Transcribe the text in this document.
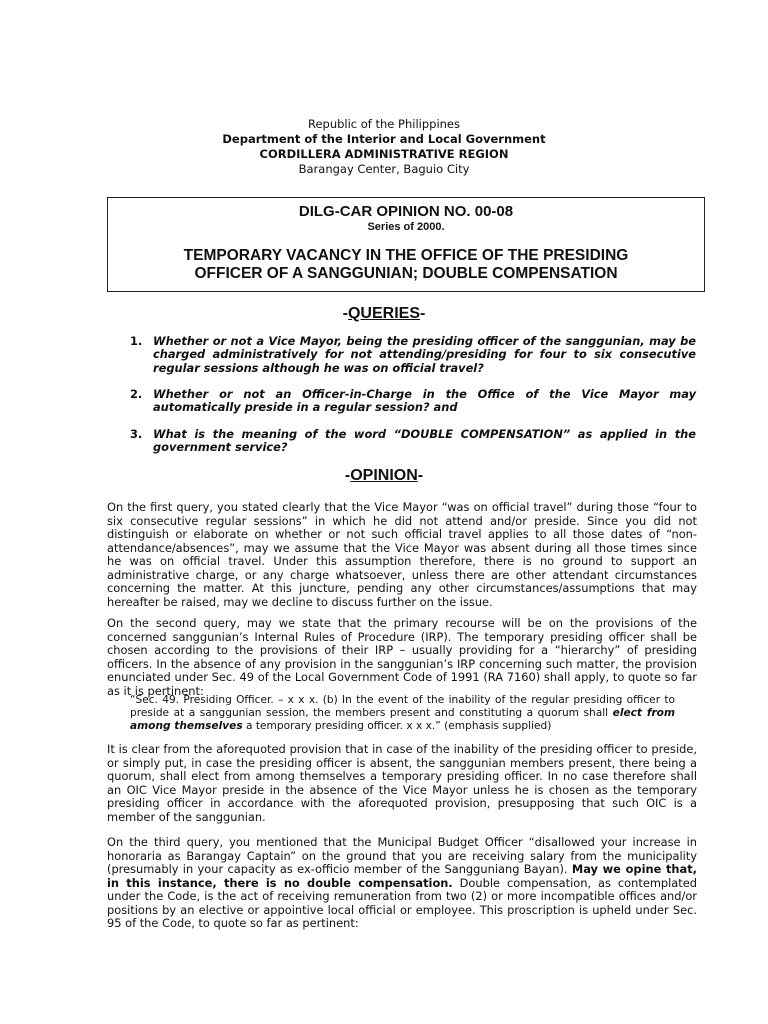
Republic of the Philippines
Department of the Interior and Local Government
CORDILLERA ADMINISTRATIVE REGION
Barangay Center, Baguio City
DILG-CAR OPINION NO. 00-08
Series of 2000.
TEMPORARY VACANCY IN THE OFFICE OF THE PRESIDING
OFFICER OF A SANGGUNIAN; DOUBLE COMPENSATION
-QUERIES-
1. Whether or not a Vice Mayor, being the presiding officer of the sanggunian, may be charged administratively for not attending/presiding for four to six consecutive regular sessions although he was on official travel?
2. Whether or not an Officer-in-Charge in the Office of the Vice Mayor may automatically preside in a regular session? and
3. What is the meaning of the word “DOUBLE COMPENSATION” as applied in the government service?
-OPINION-
On the first query, you stated clearly that the Vice Mayor “was on official travel” during those “four to six consecutive regular sessions” in which he did not attend and/or preside. Since you did not distinguish or elaborate on whether or not such official travel applies to all those dates of “non-attendance/absences”, may we assume that the Vice Mayor was absent during all those times since he was on official travel. Under this assumption therefore, there is no ground to support an administrative charge, or any charge whatsoever, unless there are other attendant circumstances concerning the matter. At this juncture, pending any other circumstances/assumptions that may hereafter be raised, may we decline to discuss further on the issue.
On the second query, may we state that the primary recourse will be on the provisions of the concerned sanggunian’s Internal Rules of Procedure (IRP). The temporary presiding officer shall be chosen according to the provisions of their IRP – usually providing for a “hierarchy” of presiding officers. In the absence of any provision in the sanggunian’s IRP concerning such matter, the provision enunciated under Sec. 49 of the Local Government Code of 1991 (RA 7160) shall apply, to quote so far as it is pertinent:
“Sec. 49. Presiding Officer. – x x x. (b) In the event of the inability of the regular presiding officer to preside at a sanggunian session, the members present and constituting a quorum shall elect from among themselves a temporary presiding officer. x x x.” (emphasis supplied)
It is clear from the aforequoted provision that in case of the inability of the presiding officer to preside, or simply put, in case the presiding officer is absent, the sanggunian members present, there being a quorum, shall elect from among themselves a temporary presiding officer. In no case therefore shall an OIC Vice Mayor preside in the absence of the Vice Mayor unless he is chosen as the temporary presiding officer in accordance with the aforequoted provision, presupposing that such OIC is a member of the sanggunian.
On the third query, you mentioned that the Municipal Budget Officer “disallowed your increase in honoraria as Barangay Captain” on the ground that you are receiving salary from the municipality (presumably in your capacity as ex-officio member of the Sangguniang Bayan). May we opine that, in this instance, there is no double compensation. Double compensation, as contemplated under the Code, is the act of receiving remuneration from two (2) or more incompatible offices and/or positions by an elective or appointive local official or employee. This proscription is upheld under Sec. 95 of the Code, to quote so far as pertinent:
